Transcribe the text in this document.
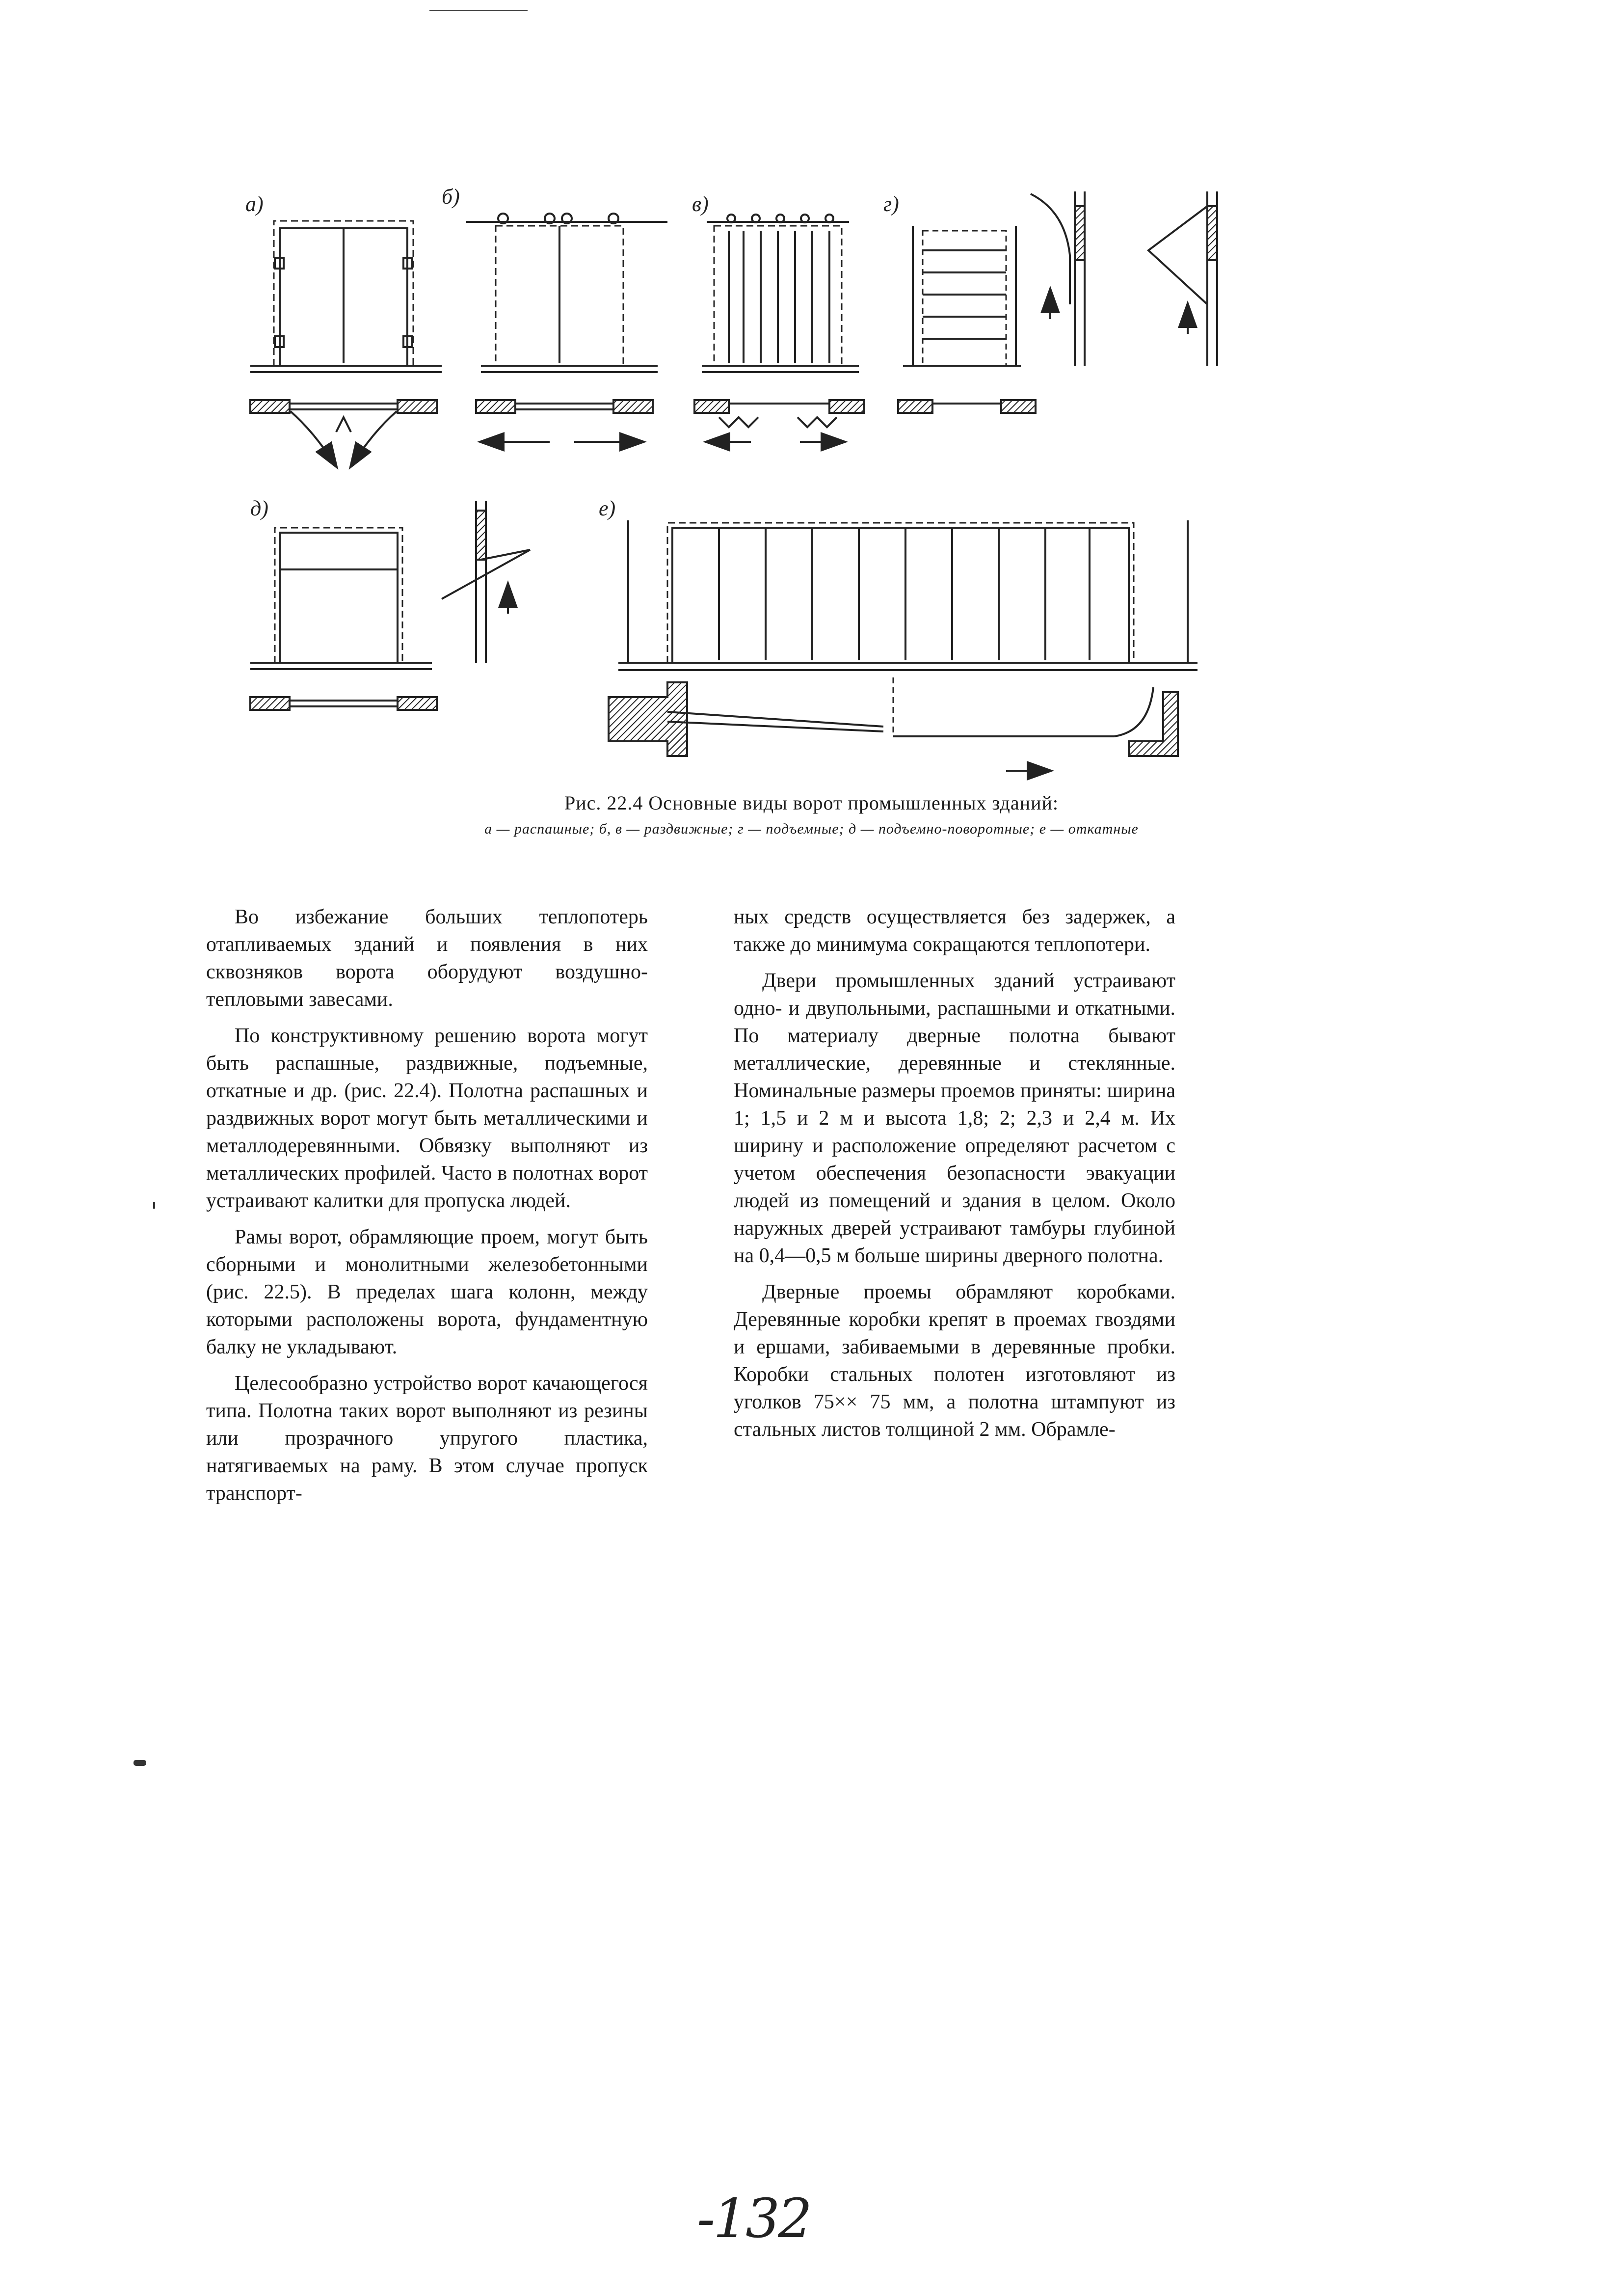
а)	б)	в)	г)
д)	е)
Рис. 22.4 Основные виды ворот промышленных зданий:
а — распашные; б, в — раздвижные; г — подъемные; д — подъемно-поворотные; е — откатные

Во избежание больших теплопотерь отапливаемых зданий и появления в них сквозняков ворота оборудуют воздушно-тепловыми завесами.

По конструктивному решению ворота могут быть распашные, раздвижные, подъемные, откатные и др. (рис. 22.4). Полотна распашных и раздвижных ворот могут быть металлическими и металлодеревянными. Обвязку выполняют из металлических профилей. Часто в полотнах ворот устраивают калитки для пропуска людей.

Рамы ворот, обрамляющие проем, могут быть сборными и монолитными железобетонными (рис. 22.5). В пределах шага колонн, между которыми расположены ворота, фундаментную балку не укладывают.

Целесообразно устройство ворот качающегося типа. Полотна таких ворот выполняют из резины или прозрачного упругого пластика, натягиваемых на раму. В этом случае пропуск транспорт-

ных средств осуществляется без задержек, а также до минимума сокращаются теплопотери.

Двери промышленных зданий устраивают одно- и двупольными, распашными и откатными. По материалу дверные полотна бывают металлические, деревянные и стеклянные. Номинальные размеры проемов приняты: ширина 1; 1,5 и 2 м и высота 1,8; 2; 2,3 и 2,4 м. Их ширину и расположение определяют расчетом с учетом обеспечения безопасности эвакуации людей из помещений и здания в целом. Около наружных дверей устраивают тамбуры глубиной на 0,4—0,5 м больше ширины дверного полотна.

Дверные проемы обрамляют коробками. Деревянные коробки крепят в проемах гвоздями и ершами, забиваемыми в деревянные пробки. Коробки стальных полотен изготовляют из уголков 75×× 75 мм, а полотна штампуют из стальных листов толщиной 2 мм. Обрамле-

-132
